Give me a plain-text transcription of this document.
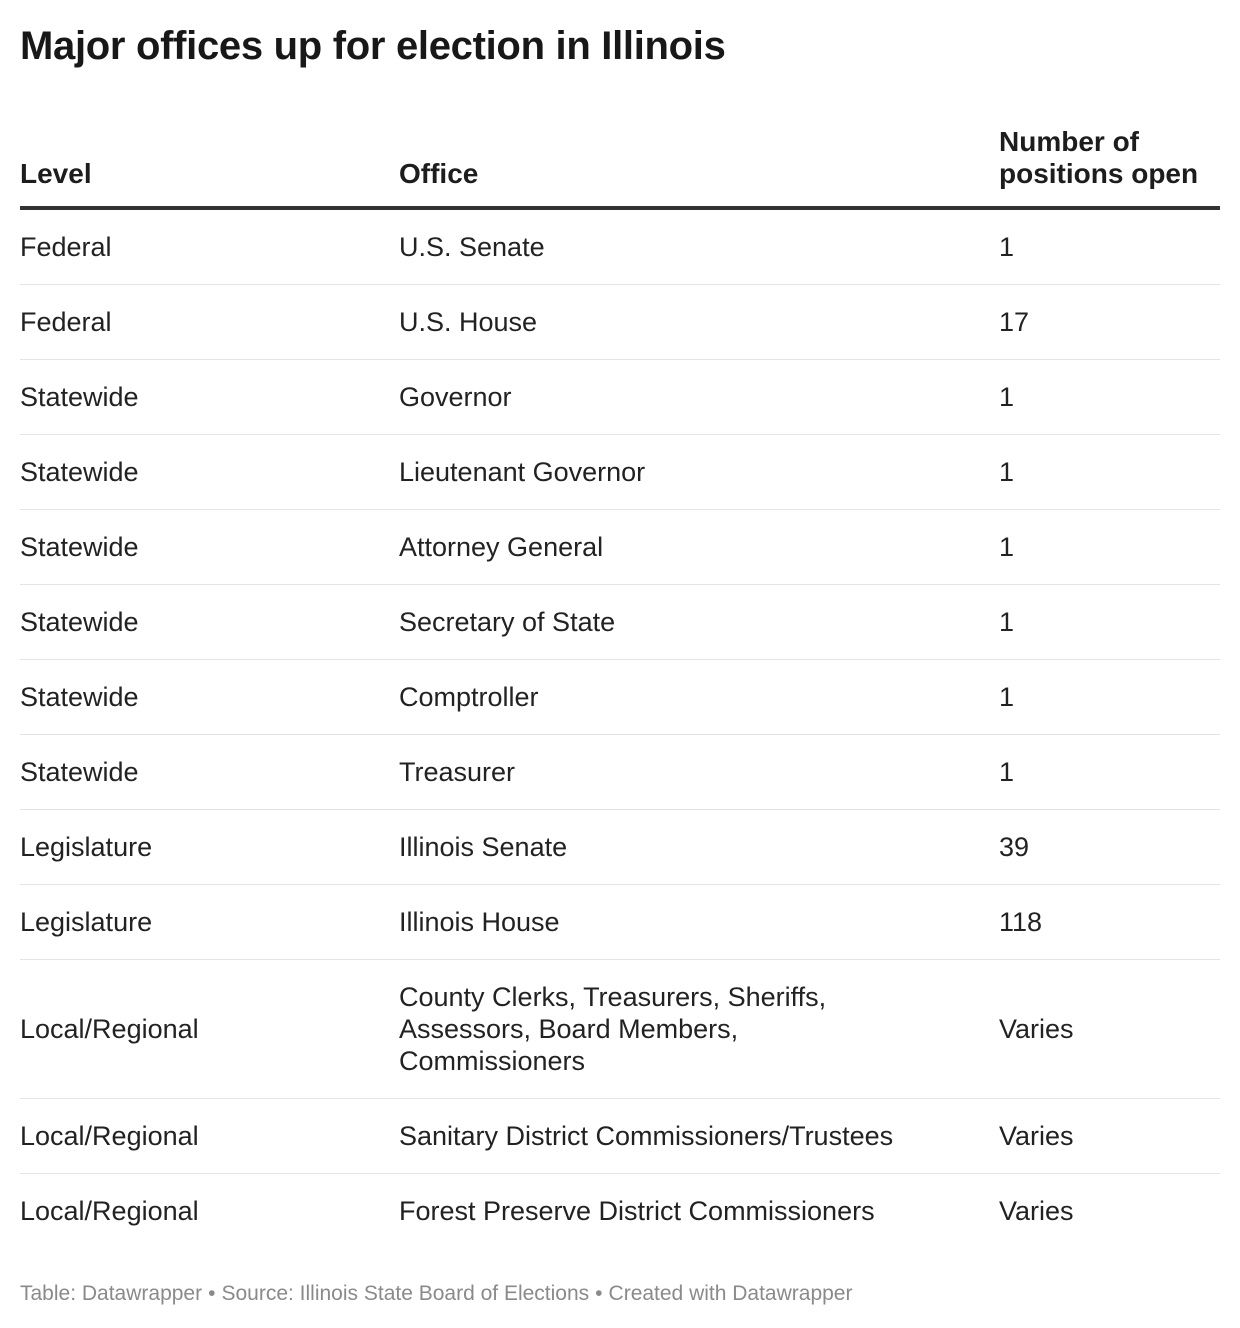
Major offices up for election in Illinois
Level	Office	Number of positions open
Federal	U.S. Senate	1
Federal	U.S. House	17
Statewide	Governor	1
Statewide	Lieutenant Governor	1
Statewide	Attorney General	1
Statewide	Secretary of State	1
Statewide	Comptroller	1
Statewide	Treasurer	1
Legislature	Illinois Senate	39
Legislature	Illinois House	118
Local/Regional	County Clerks, Treasurers, Sheriffs, Assessors, Board Members, Commissioners	Varies
Local/Regional	Sanitary District Commissioners/Trustees	Varies
Local/Regional	Forest Preserve District Commissioners	Varies
Table: Datawrapper • Source: Illinois State Board of Elections • Created with Datawrapper
